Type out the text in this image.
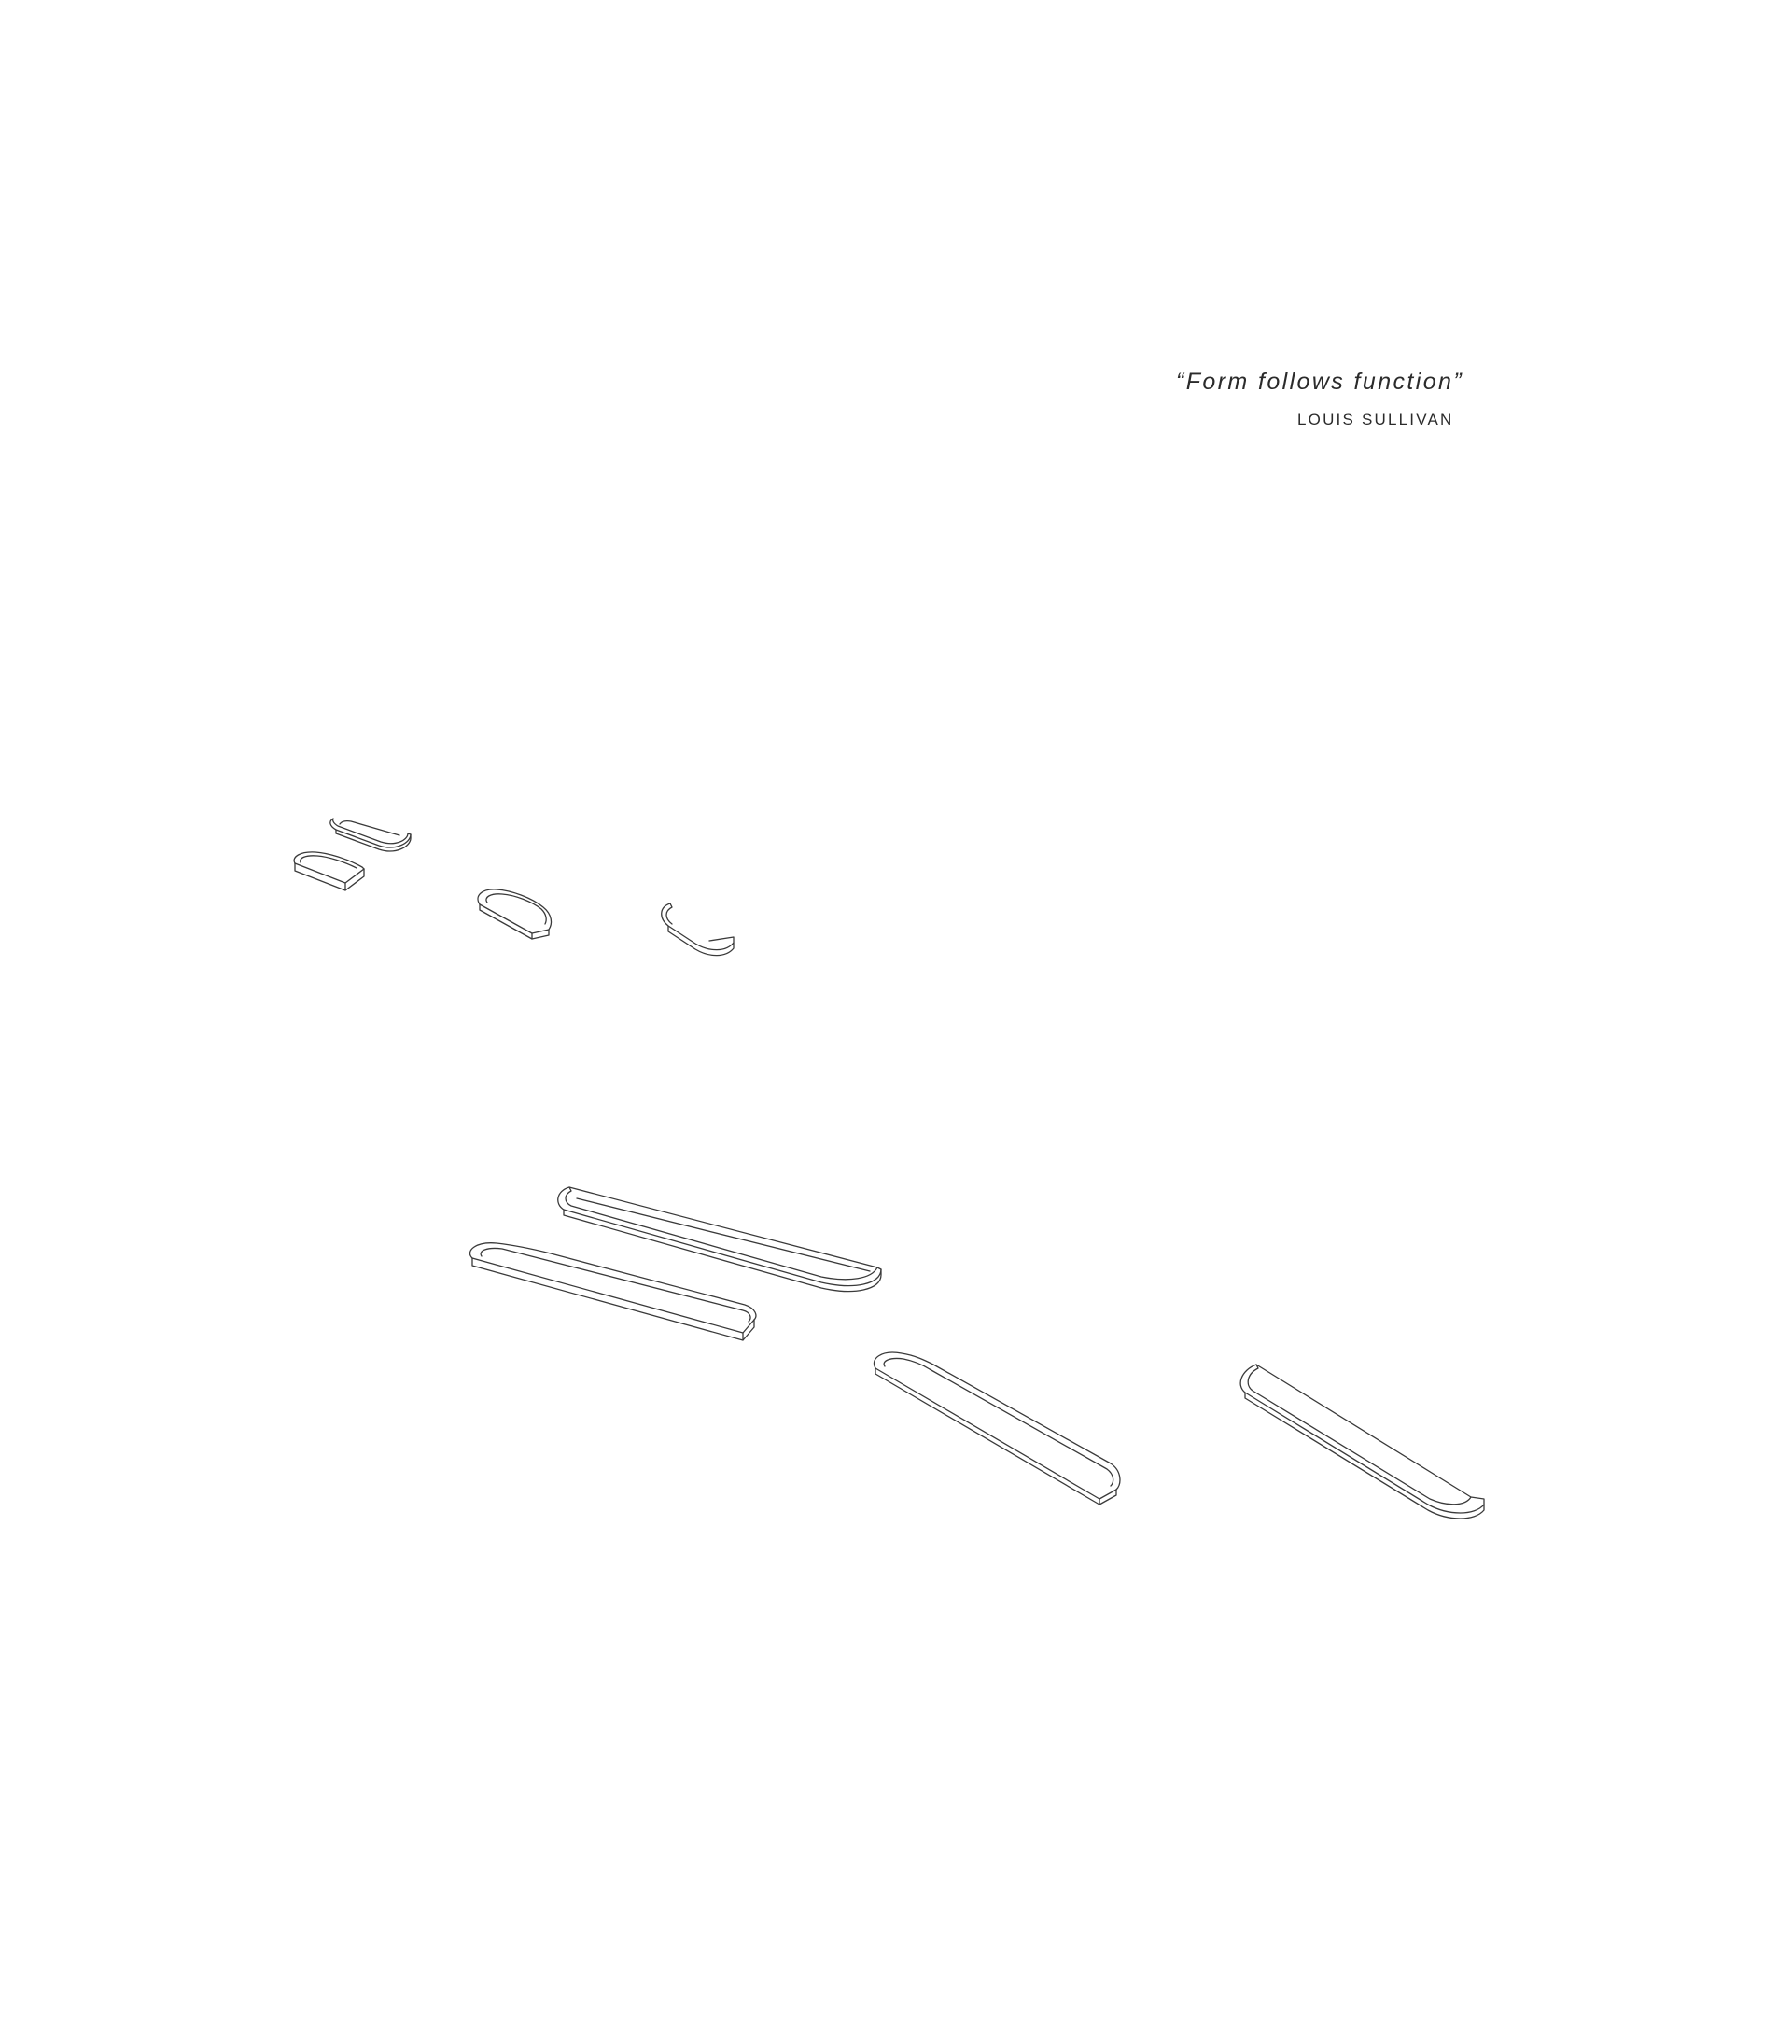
“Form follows function”
LOUIS SULLIVAN
